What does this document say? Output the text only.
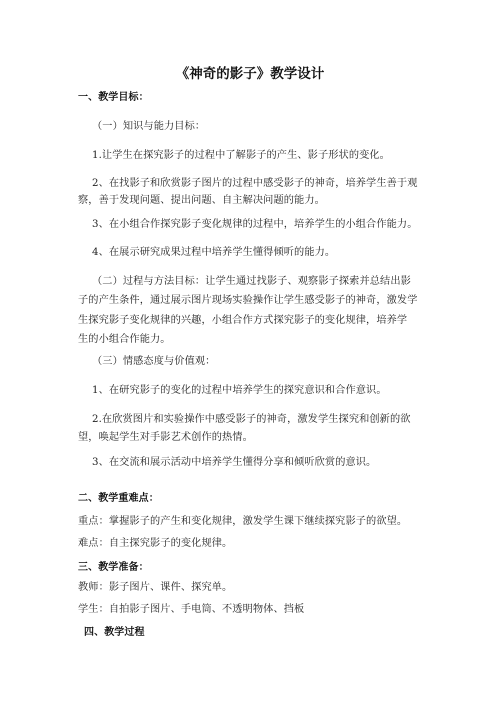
《神奇的影子》教学设计
一、教学目标：
（一）知识与能力目标：
1.让学生在探究影子的过程中了解影子的产生、影子形状的变化。
2、在找影子和欣赏影子图片的过程中感受影子的神奇，培养学生善于观
察，善于发现问题、提出问题、自主解决问题的能力。
3、在小组合作探究影子变化规律的过程中，培养学生的小组合作能力。
4、在展示研究成果过程中培养学生懂得倾听的能力。
（二）过程与方法目标：让学生通过找影子、观察影子探索并总结出影
子的产生条件，通过展示图片现场实验操作让学生感受影子的神奇，激发学
生探究影子变化规律的兴趣，小组合作方式探究影子的变化规律，培养学
生的小组合作能力。
（三）情感态度与价值观：
1、在研究影子的变化的过程中培养学生的探究意识和合作意识。
2.在欣赏图片和实验操作中感受影子的神奇，激发学生探究和创新的欲
望，唤起学生对手影艺术创作的热情。
3、在交流和展示活动中培养学生懂得分享和倾听欣赏的意识。
二、教学重难点：
重点：掌握影子的产生和变化规律，激发学生课下继续探究影子的欲望。
难点：自主探究影子的变化规律。
三、教学准备：
教师：影子图片、课件、探究单。
学生：自拍影子图片、手电筒、不透明物体、挡板
四、教学过程
